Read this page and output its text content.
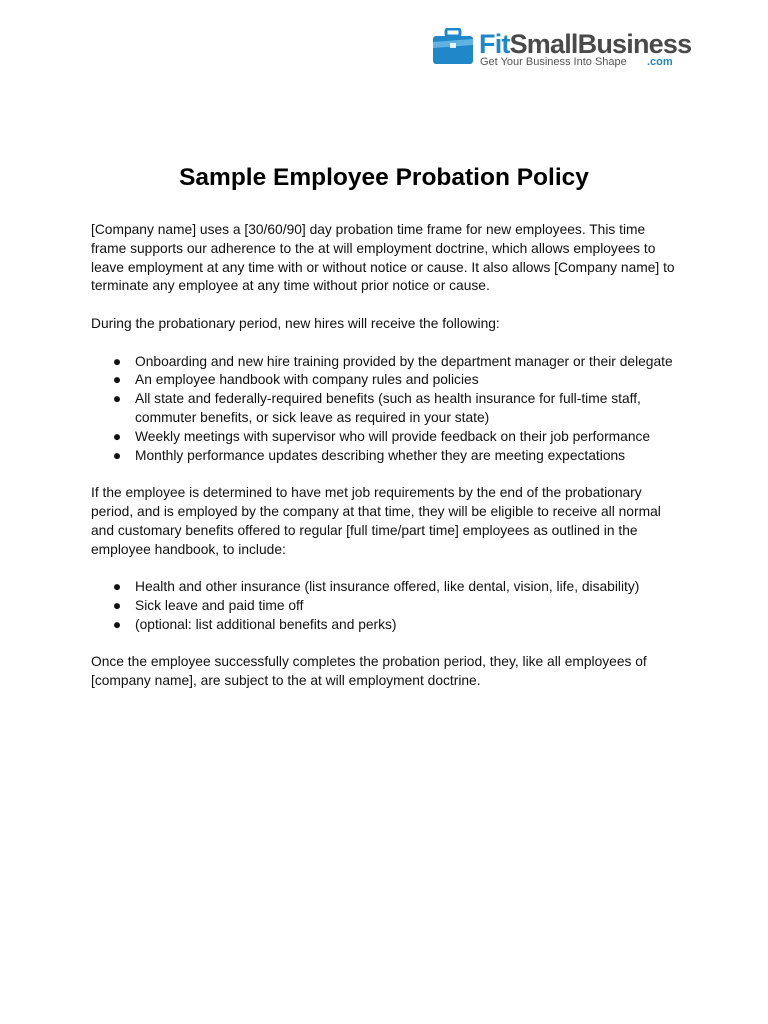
FitSmallBusiness
Get Your Business Into Shape .com
Sample Employee Probation Policy

[Company name] uses a [30/60/90] day probation time frame for new employees. This time
frame supports our adherence to the at will employment doctrine, which allows employees to
leave employment at any time with or without notice or cause. It also allows [Company name] to
terminate any employee at any time without prior notice or cause.

During the probationary period, new hires will receive the following:

● Onboarding and new hire training provided by the department manager or their delegate
● An employee handbook with company rules and policies
● All state and federally-required benefits (such as health insurance for full-time staff,
commuter benefits, or sick leave as required in your state)
● Weekly meetings with supervisor who will provide feedback on their job performance
● Monthly performance updates describing whether they are meeting expectations

If the employee is determined to have met job requirements by the end of the probationary
period, and is employed by the company at that time, they will be eligible to receive all normal
and customary benefits offered to regular [full time/part time] employees as outlined in the
employee handbook, to include:

● Health and other insurance (list insurance offered, like dental, vision, life, disability)
● Sick leave and paid time off
● (optional: list additional benefits and perks)

Once the employee successfully completes the probation period, they, like all employees of
[company name], are subject to the at will employment doctrine.
